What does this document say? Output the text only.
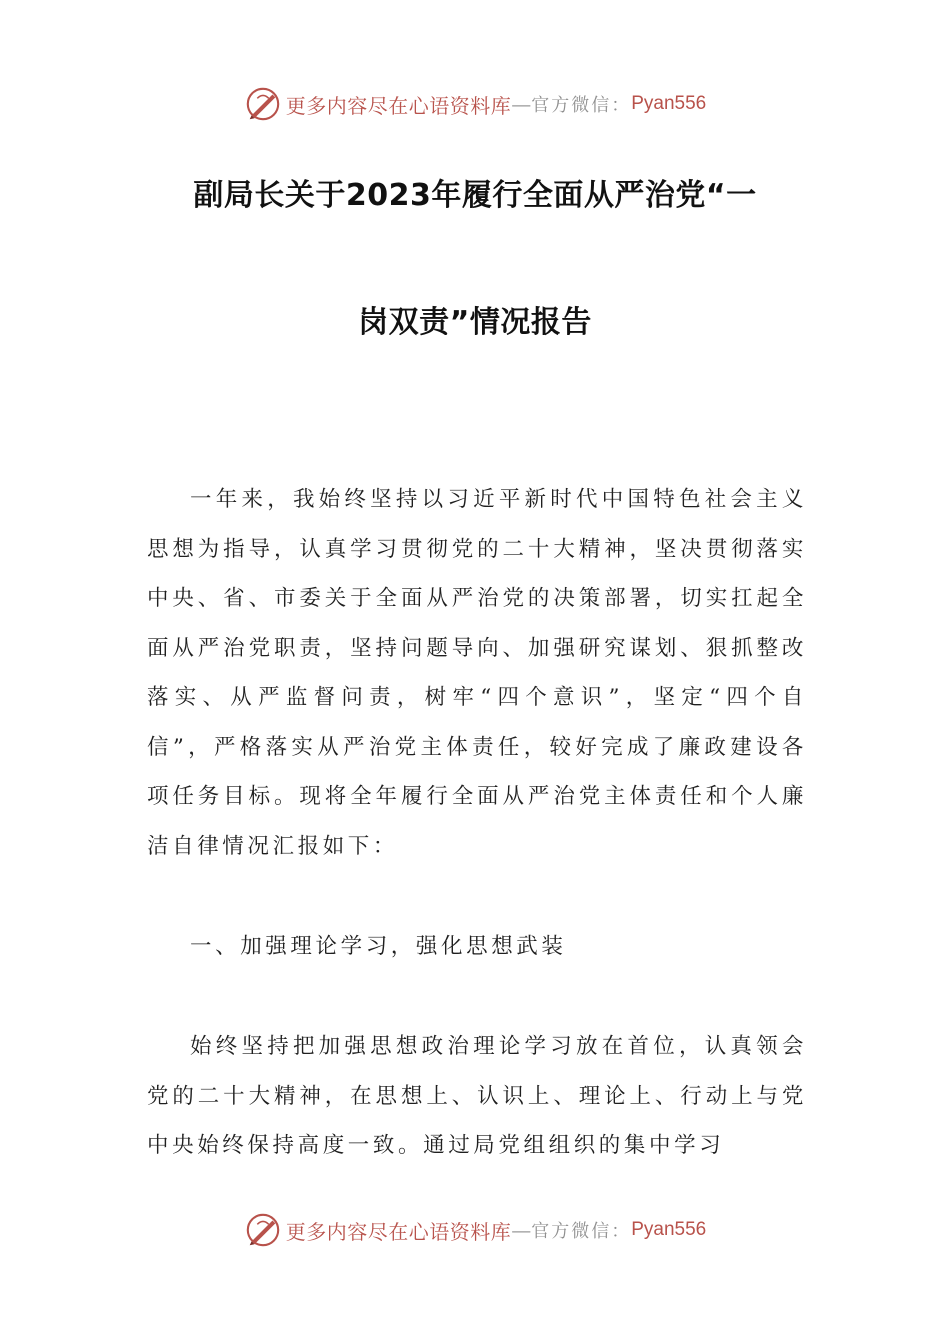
更多内容尽在心语资料库 — 官方微信： Pyan556
副局长关于2023年履行全面从严治党“一
岗双责”情况报告

一年来，我始终坚持以习近平新时代中国特色社会主义思想为指导，认真学习贯彻党的二十大精神，坚决贯彻落实中央、省、市委关于全面从严治党的决策部署，切实扛起全面从严治党职责，坚持问题导向、加强研究谋划、狠抓整改落实、从严监督问责，树牢“四个意识”，坚定“四个自信”，严格落实从严治党主体责任，较好完成了廉政建设各项任务目标。现将全年履行全面从严治党主体责任和个人廉洁自律情况汇报如下：

一、加强理论学习，强化思想武装

始终坚持把加强思想政治理论学习放在首位，认真领会党的二十大精神，在思想上、认识上、理论上、行动上与党中央始终保持高度一致。通过局党组组织的集中学习

更多内容尽在心语资料库 — 官方微信： Pyan556
